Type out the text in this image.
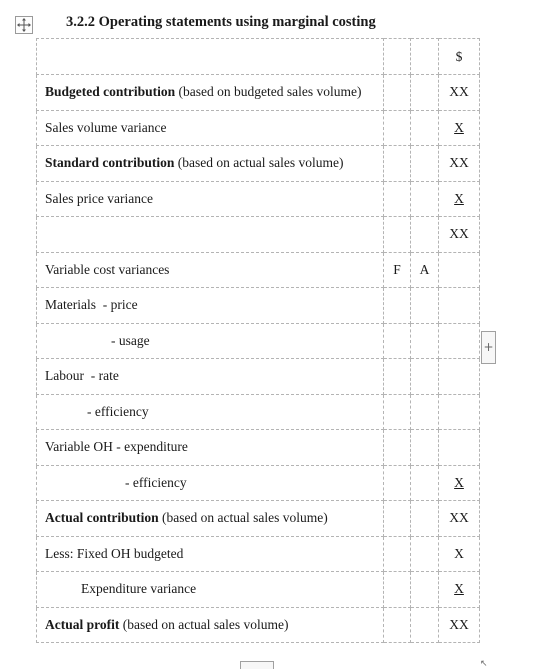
3.2.2 Operating statements using marginal costing
			$
Budgeted contribution (based on budgeted sales volume)			XX
Sales volume variance			X
Standard contribution (based on actual sales volume)			XX
Sales price variance			X
			XX
Variable cost variances	F	A	
Materials  - price			
- usage			
Labour  - rate			
- efficiency			
Variable OH - expenditure			
- efficiency			X
Actual contribution (based on actual sales volume)			XX
Less: Fixed OH budgeted			X
Expenditure variance			X
Actual profit (based on actual sales volume)			XX
+
↖
